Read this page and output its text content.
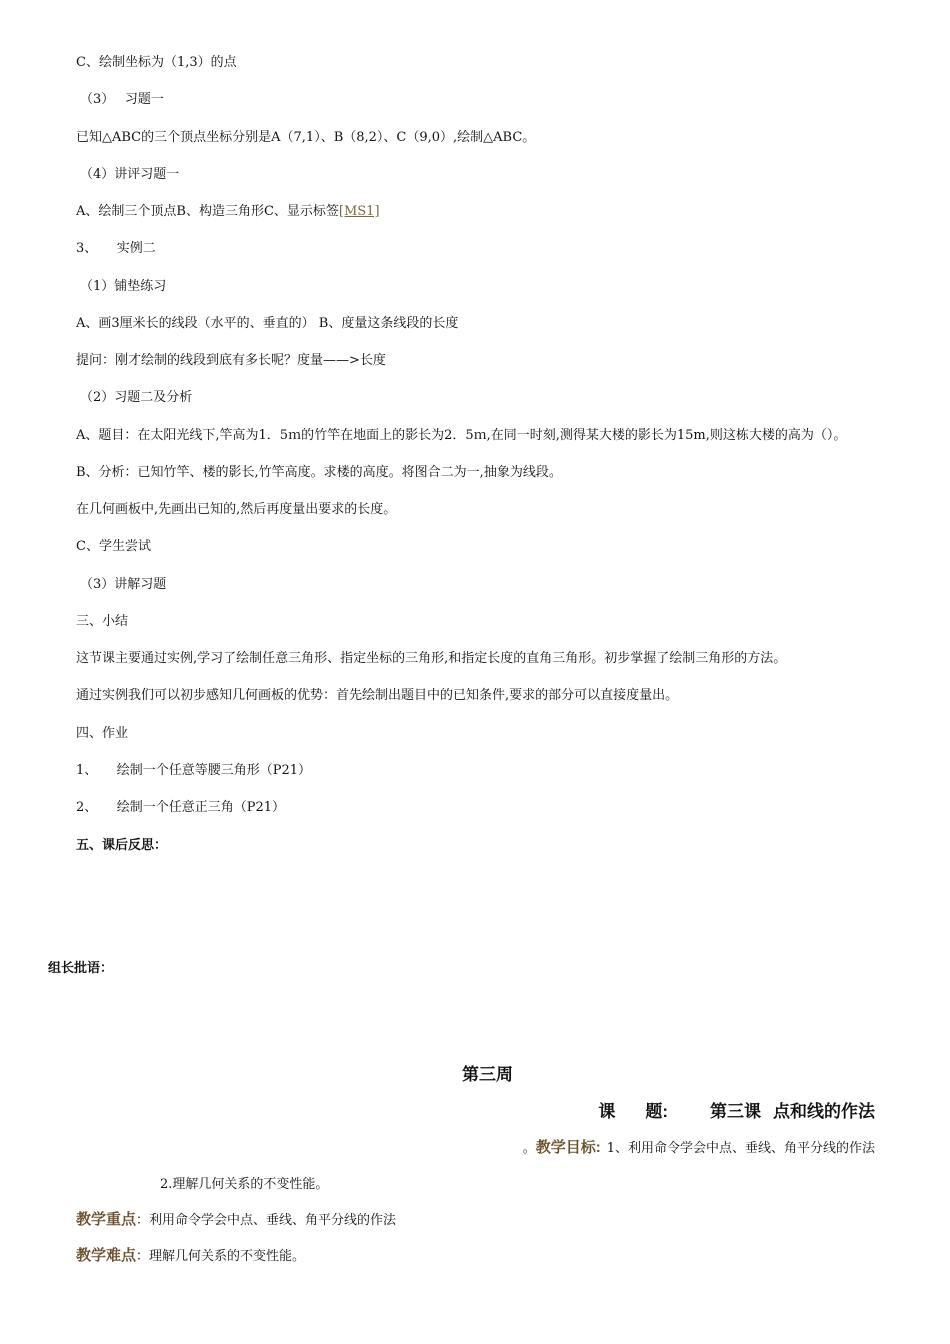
C、绘制坐标为（1,3）的点
（3）　 习题一
已知△ABC的三个顶点坐标分别是A（7,1）、B（8,2）、C（9,0）,绘制△ABC。
（4）讲评习题一
A、绘制三个顶点B、构造三角形C、显示标签[MS1]
3、　　实例二
（1）铺垫练习
A、画3厘米长的线段（水平的、垂直的） B、度量这条线段的长度
提问：刚才绘制的线段到底有多长呢？度量——>长度
（2）习题二及分析
A、题目：在太阳光线下,竿高为1．5ｍ的竹竿在地面上的影长为2．5ｍ,在同一时刻,测得某大楼的影长为15m,则这栋大楼的高为（）。
B、分析：已知竹竿、楼的影长,竹竿高度。求楼的高度。将图合二为一,抽象为线段。
在几何画板中,先画出已知的,然后再度量出要求的长度。
C、学生尝试
（3）讲解习题
三、小结
这节课主要通过实例,学习了绘制任意三角形、指定坐标的三角形,和指定长度的直角三角形。初步掌握了绘制三角形的方法。
通过实例我们可以初步感知几何画板的优势：首先绘制出题目中的已知条件,要求的部分可以直接度量出。
四、作业
1、　　绘制一个任意等腰三角形（P21）
2、　　绘制一个任意正三角（P21）
五、课后反思：
组长批语：
第三周
课 题: 第三课 点和线的作法
。教学目标: 1、利用命令学会中点、垂线、角平分线的作法
2.理解几何关系的不变性能。
教学重点：利用命令学会中点、垂线、角平分线的作法
教学难点：理解几何关系的不变性能。
